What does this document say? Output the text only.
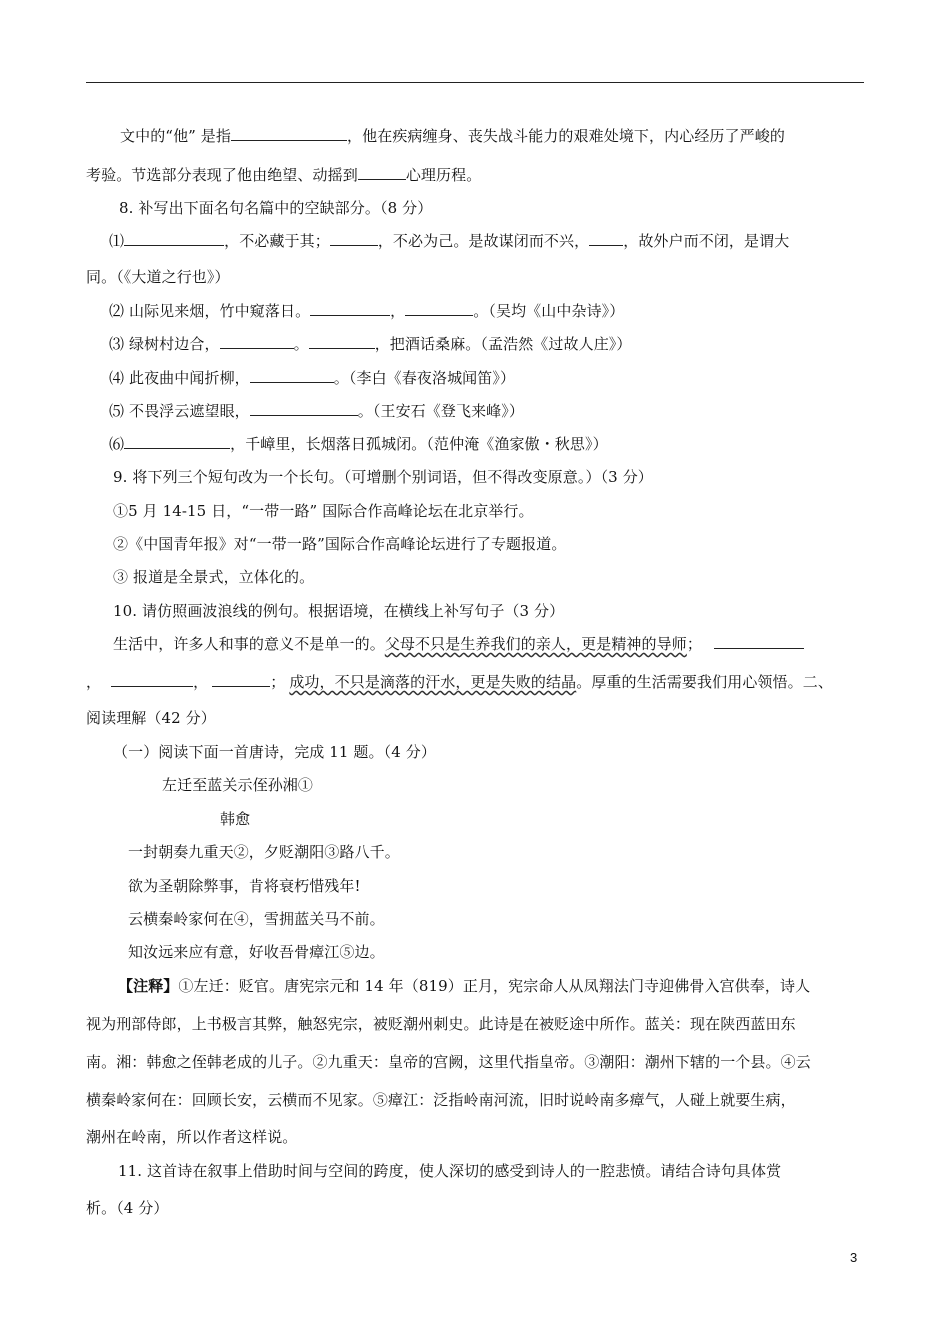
文中的“他” 是指	，他在疾病缠身、丧失战斗能力的艰难处境下，内心经历了严峻的
考验。节选部分表现了他由绝望、动摇到	心理历程。
8. 补写出下面名句名篇中的空缺部分。（8 分）
⑴	，不必藏于其；	，不必为己。是故谋闭而不兴， ，故外户而不闭，是谓大
同。（《大道之行也》）
⑵ 山际见来烟，竹中窥落日。	，	。（吴均《山中杂诗》）
⑶ 绿树村边合，	。	，把酒话桑麻。（孟浩然《过故人庄》）
⑷ 此夜曲中闻折柳，	。（李白《春夜洛城闻笛》）
⑸ 不畏浮云遮望眼，	。（王安石《登飞来峰》）
⑹	，千嶂里，长烟落日孤城闭。（范仲淹《渔家傲・秋思》）
9. 将下列三个短句改为一个长句。（可增删个别词语，但不得改变原意。）（3 分）
①5 月 14-15 日，“一带一路” 国际合作高峰论坛在北京举行。
②《中国青年报》对“一带一路”国际合作高峰论坛进行了专题报道。
③ 报道是全景式，立体化的。
10. 请仿照画波浪线的例句。根据语境，在横线上补写句子（3 分）
生活中，许多人和事的意义不是单一的。父母不只是生养我们的亲人，更是精神的导师；
，	，	； 成功，不只是滴落的汗水，更是失败的结晶。厚重的生活需要我们用心领悟。二、
阅读理解（42 分）
（一）阅读下面一首唐诗，完成 11 题。（4 分）
左迁至蓝关示侄孙湘①
韩愈
一封朝奏九重天②，夕贬潮阳③路八千。
欲为圣朝除弊事，肯将衰朽惜残年!
云横秦岭家何在④，雪拥蓝关马不前。
知汝远来应有意，好收吾骨瘴江⑤边。
【注释】①左迁：贬官。唐宪宗元和 14 年（819）正月，宪宗命人从凤翔法门寺迎佛骨入宫供奉，诗人
视为刑部侍郎，上书极言其弊，触怒宪宗，被贬潮州刺史。此诗是在被贬途中所作。蓝关：现在陕西蓝田东
南。湘：韩愈之侄韩老成的儿子。②九重天：皇帝的宫阙，这里代指皇帝。③潮阳：潮州下辖的一个县。④云
横秦岭家何在：回顾长安，云横而不见家。⑤瘴江：泛指岭南河流，旧时说岭南多瘴气，人碰上就要生病，
潮州在岭南，所以作者这样说。
11. 这首诗在叙事上借助时间与空间的跨度，使人深切的感受到诗人的一腔悲愤。请结合诗句具体赏
析。（4 分）
3
